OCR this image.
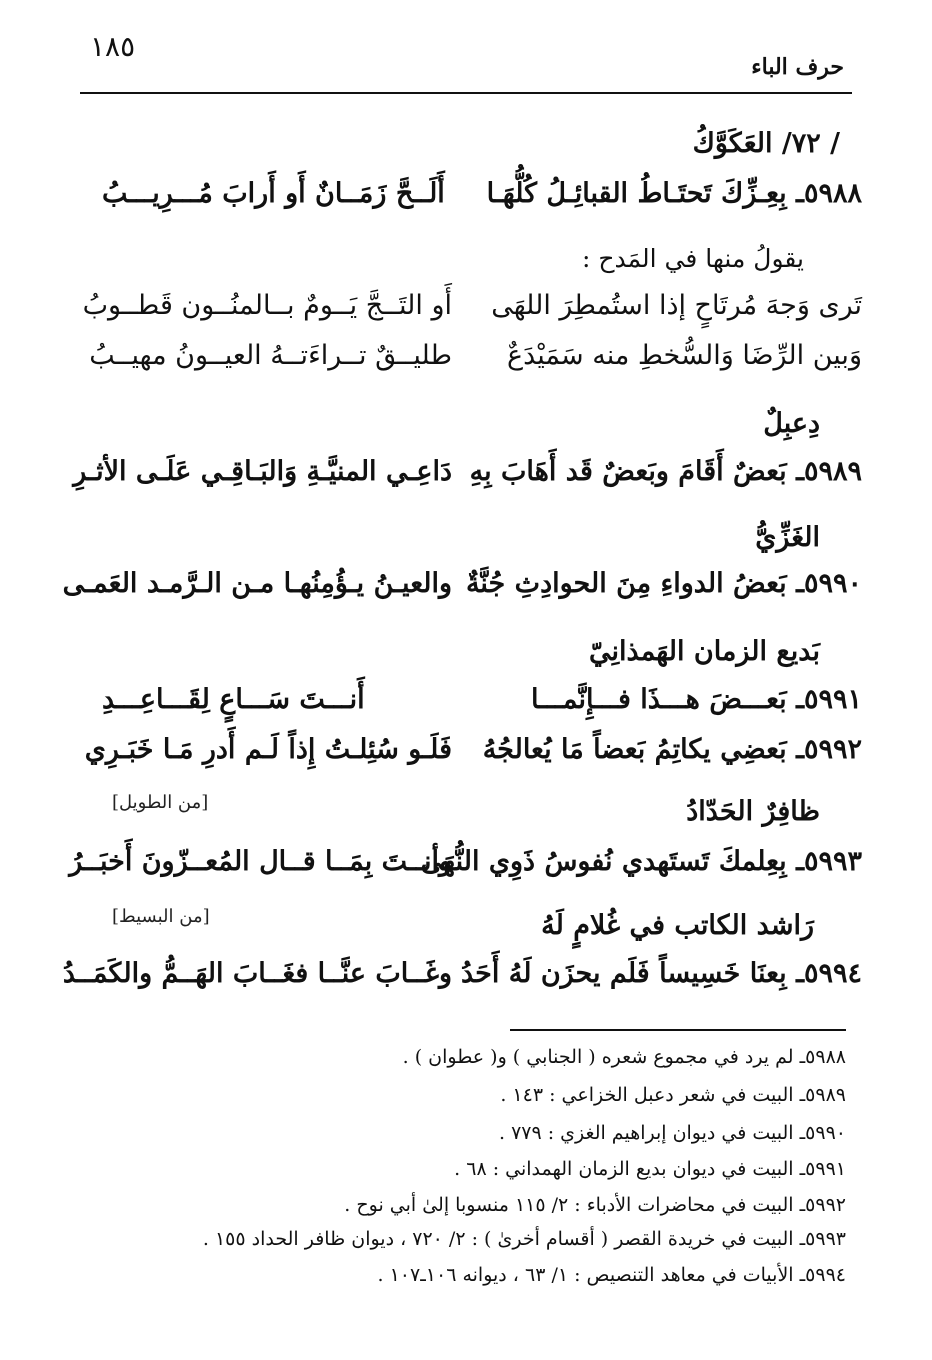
١٨٥
حرف الباء
/ ٧٢/ العَكَوَّكُ
٥٩٨٨ـ بِعِـزِّكَ تَحتَـاطُ القبائِـلُ كُلُّهَـا
أَلَــحَّ زَمَــانٌ أَو أَرابَ مُـــرِيـــبُ
يقولُ منها في المَدح :
تَرى وَجهَ مُرتَاحٍ إذا استُمطِرَ اللهَى
أَو التَــجَّ يَــومٌ بــالمنُــون قَطــوبُ
وَبين الرِّضَا وَالسُّخطِ منه سَمَيْدَعٌ
طليــقٌ تــراءَتــهُ العيــونُ مهيــبُ
دِعبِلٌ
٥٩٨٩ـ بَعضٌ أَقَامَ وبَعضٌ قَد أَهَابَ بِهِ
دَاعِـي المنيَّـةِ وَالبَـاقِـي عَلَـى الأثـرِ
الغَزِّيُّ
٥٩٩٠ـ بَعضُ الدواءِ مِنَ الحوادِثِ جُنَّةٌ
والعيـنُ يـؤُمِنُهـا مـن الـرَّمـد العَمـى
بَديع الزمان الهَمذانِيّ
٥٩٩١ـ بَعـــضَ هـــذَا فـــإِنَّمـــا
أَنـــتَ سَـــاعٍ لِقَـــاعِـــدِ
٥٩٩٢ـ بَعضِي يكاتِمُ بَعضاً مَا يُعالجُهُ
فَلَـو سُئِلـتُ إِذاً لَـم أَدرِ مَـا خَبَـرِي
[من الطويل]	ظافِرٌ الحَدّادُ
٥٩٩٣ـ بِعِلمكَ تَستَهدي نُفوسُ ذَوِي النُّهَى
وأنــتَ بِمَــا قــال المُعــزّونَ أَخبَــرُ
[من البسيط]	رَاشد الكاتب في غُلامٍ لَهُ
٥٩٩٤ـ بِعنَا خَسِيساً فَلَم يحزَن لَهُ أَحَدُ
وغَــابَ عنَّــا فغَــابَ الهَــمُّ والكَمَــدُ
٥٩٨٨ـ لم يرد في مجموع شعره ( الجنابي ) و( عطوان ) .
٥٩٨٩ـ البيت في شعر دعبل الخزاعي : ١٤٣ .
٥٩٩٠ـ البيت في ديوان إبراهيم الغزي : ٧٧٩ .
٥٩٩١ـ البيت في ديوان بديع الزمان الهمداني : ٦٨ .
٥٩٩٢ـ البيت في محاضرات الأدباء : ٢/ ١١٥ منسوبا إلىٰ أبي نوح .
٥٩٩٣ـ البيت في خريدة القصر ( أقسام أخرىٰ ) : ٢/ ٧٢٠ ، ديوان ظافر الحداد ١٥٥ .
٥٩٩٤ـ الأبيات في معاهد التنصيص : ١/ ٦٣ ، ديوانه ١٠٦ـ١٠٧ .
